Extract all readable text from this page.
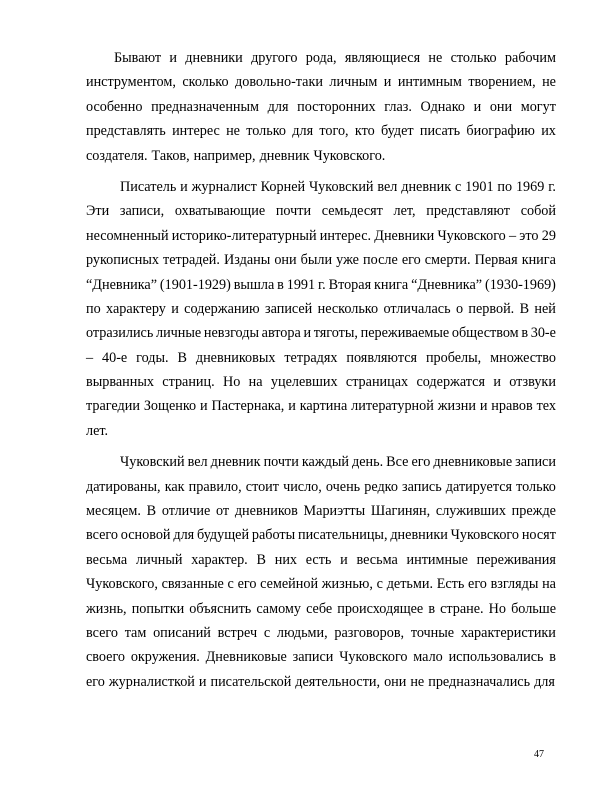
Бывают и дневники другого рода, являющиеся не столько рабочим
инструментом, сколько довольно-таки личным и интимным творением, не
особенно предназначенным для посторонних глаз. Однако и они могут
представлять интерес не только для того, кто будет писать биографию их
создателя. Таков, например, дневник Чуковского.
Писатель и журналист Корней Чуковский вел дневник с 1901 по 1969 г.
Эти записи, охватывающие почти семьдесят лет, представляют собой
несомненный историко-литературный интерес. Дневники Чуковского – это 29
рукописных тетрадей. Изданы они были уже после его смерти. Первая книга
“Дневника” (1901-1929) вышла в 1991 г. Вторая книга “Дневника” (1930-1969)
по характеру и содержанию записей несколько отличалась о первой. В ней
отразились личные невзгоды автора и тяготы, переживаемые обществом в 30-е
– 40-е годы. В дневниковых тетрадях появляются пробелы, множество
вырванных страниц. Но на уцелевших страницах содержатся и отзвуки
трагедии Зощенко и Пастернака, и картина литературной жизни и нравов тех
лет.
Чуковский вел дневник почти каждый день. Все его дневниковые записи
датированы, как правило, стоит число, очень редко запись датируется только
месяцем. В отличие от дневников Мариэтты Шагинян, служивших прежде
всего основой для будущей работы писательницы, дневники Чуковского носят
весьма личный характер. В них есть и весьма интимные переживания
Чуковского, связанные с его семейной жизнью, с детьми. Есть его взгляды на
жизнь, попытки объяснить самому себе происходящее в стране. Но больше
всего там описаний встреч с людьми, разговоров, точные характеристики
своего окружения. Дневниковые записи Чуковского мало использовались в
его журналисткой и писательской деятельности, они не предназначались для
47
